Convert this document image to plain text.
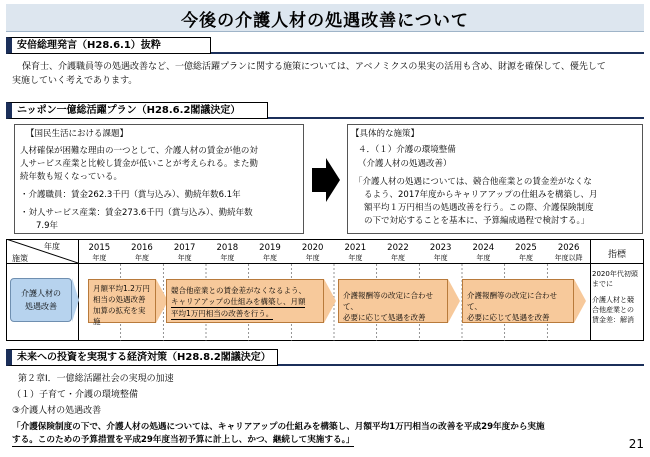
今後の介護人材の処遇改善について
安倍総理発言（H28.6.1）抜粋
保育士、介護職員等の処遇改善など、一億総活躍プランに関する施策については、アベノミクスの果実の活用も含め、財源を確保して、優先して
実施していく考えであります。
ニッポン一億総活躍プラン（H28.6.2閣議決定）
【国民生活における課題】
人材確保が困難な理由の一つとして、介護人材の賃金が他の対
人サービス産業と比較し賃金が低いことが考えられる。また勤
続年数も短くなっている。
・介護職員：賃金262.3千円（賞与込み）、勤続年数6.1年
・対人サービス産業：賃金273.6千円（賞与込み）、勤続年数
7.9年
【具体的な施策】
４．（１）介護の環境整備
（介護人材の処遇改善）
「介護人材の処遇については、競合他産業との賃金差がなくな
るよう、2017年度からキャリアアップの仕組みを構築し、月
額平均１万円相当の処遇改善を行う。この際、介護保険制度
の下で対応することを基本に、予算編成過程で検討する。」
年度
施策
2015
年度
2016
年度
2017
年度
2018
年度
2019
年度
2020
年度
2021
年度
2022
年度
2023
年度
2024
年度
2025
年度
2026
年度以降	指標
介護人材の
処遇改善
月額平均1.2万円相当の処遇改善加算の拡充を実施
競合他産業との賃金差がなくなるよう、
キャリアアップの仕組みを構築し、月額 平均1万円相当の改善を行う。
介護報酬等の改定に合わせて、
必要に応じて処遇を改善
介護報酬等の改定に合わせて、
必要に応じて処遇を改善
2020年代初頭
までに
介護人材と競
合他産業との
賃金差：解消
未来への投資を実現する経済対策（H28.8.2閣議決定）
第２章Ⅰ．一億総活躍社会の実現の加速
（１）子育て・介護の環境整備
③介護人材の処遇改善
「介護保険制度の下で、介護人材の処遇については、キャリアアップの仕組みを構築し、月額平均1万円相当の改善を平成29年度から実施
する。このための予算措置を平成29年度当初予算に計上し、かつ、継続して実施する。」	21
